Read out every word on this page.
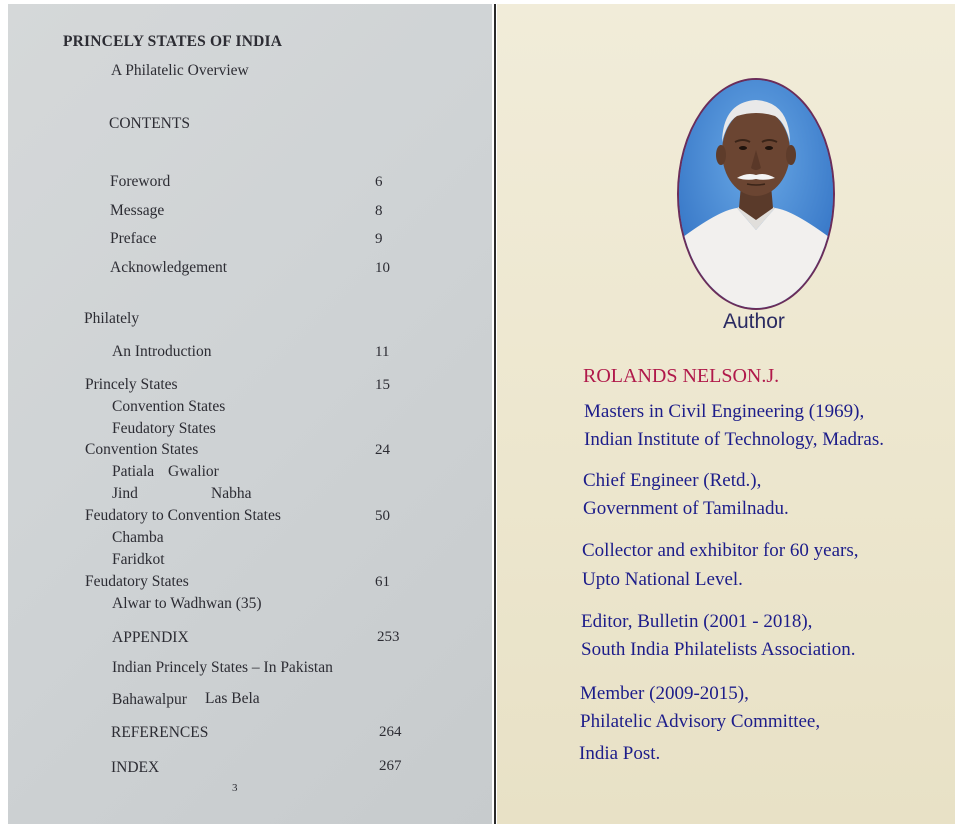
PRINCELY STATES OF INDIA
A Philatelic Overview
CONTENTS
Foreword	6
Message	8
Preface	9
Acknowledgement	10
Philately
An Introduction	11
Princely States	15
Convention States
Feudatory States
Convention States	24
Patiala Gwalior
Jind	Nabha
Feudatory to Convention States	50
Chamba
Faridkot
Feudatory States	61
Alwar to Wadhwan (35)
APPENDIX	253
Indian Princely States – In Pakistan
Bahawalpur Las Bela
REFERENCES	264
INDEX	267
3
Author
ROLANDS NELSON.J.
Masters in Civil Engineering (1969),
Indian Institute of Technology, Madras.
Chief Engineer (Retd.),
Government of Tamilnadu.
Collector and exhibitor for 60 years,
Upto National Level.
Editor, Bulletin (2001 - 2018),
South India Philatelists Association.
Member (2009-2015),
Philatelic Advisory Committee,
India Post.
